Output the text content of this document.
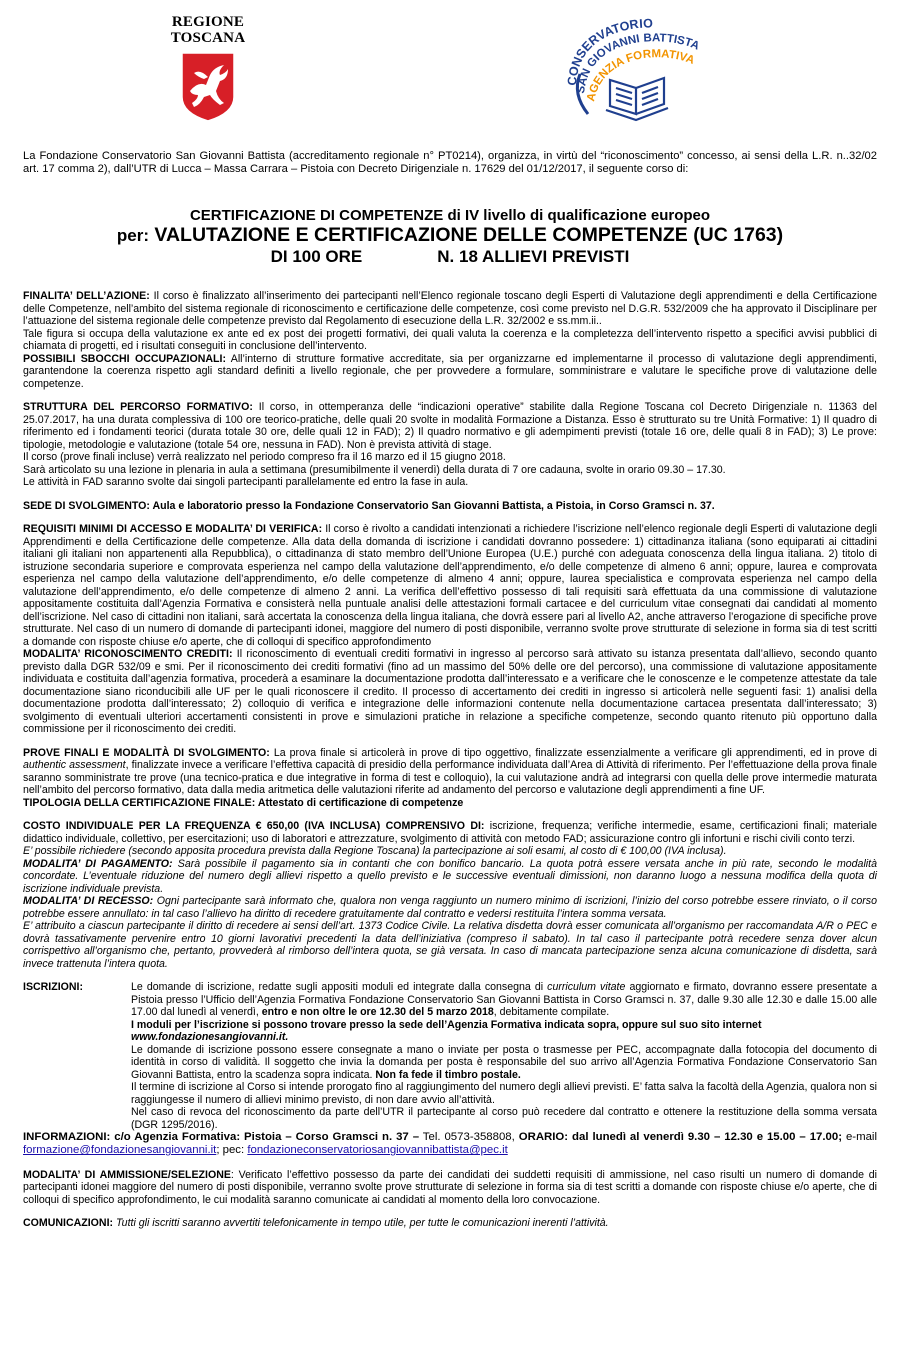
REGIONE
TOSCANA
CONSERVATORIO
SAN GIOVANNI BATTISTA
AGENZIA FORMATIVA
La Fondazione Conservatorio San Giovanni Battista (accreditamento regionale n° PT0214), organizza, in virtù del “riconoscimento” concesso, ai sensi della L.R. n..32/02 art. 17 comma 2), dall’UTR di Lucca – Massa Carrara – Pistoia con Decreto Dirigenziale n. 17629 del 01/12/2017, il seguente corso di:
CERTIFICAZIONE DI COMPETENZE di IV livello di qualificazione europeo
per: VALUTAZIONE E CERTIFICAZIONE DELLE COMPETENZE (UC 1763)
DI 100 ORE	N. 18 ALLIEVI PREVISTI

FINALITA’ DELL’AZIONE: Il corso è finalizzato all’inserimento dei partecipanti nell’Elenco regionale toscano degli Esperti di Valutazione degli apprendimenti e della Certificazione delle Competenze, nell’ambito del sistema regionale di riconoscimento e certificazione delle competenze, così come previsto nel D.G.R. 532/2009 che ha approvato il Disciplinare per l’attuazione del sistema regionale delle competenze previsto dal Regolamento di esecuzione della L.R. 32/2002 e ss.mm.ii..

Tale figura si occupa della valutazione ex ante ed ex post dei progetti formativi, dei quali valuta la coerenza e la completezza dell’intervento rispetto a specifici avvisi pubblici di chiamata di progetti, ed i risultati conseguiti in conclusione dell’intervento.

POSSIBILI SBOCCHI OCCUPAZIONALI: All’interno di strutture formative accreditate, sia per organizzarne ed implementarne il processo di valutazione degli apprendimenti, garantendone la coerenza rispetto agli standard definiti a livello regionale, che per provvedere a formulare, somministrare e valutare le specifiche prove di valutazione delle competenze.

STRUTTURA DEL PERCORSO FORMATIVO: Il corso, in ottemperanza delle “indicazioni operative” stabilite dalla Regione Toscana col Decreto Dirigenziale n. 11363 del 25.07.2017, ha una durata complessiva di 100 ore teorico-pratiche, delle quali 20 svolte in modalità Formazione a Distanza. Esso è strutturato su tre Unità Formative: 1) Il quadro di riferimento ed i fondamenti teorici (durata totale 30 ore, delle quali 12 in FAD); 2) Il quadro normativo e gli adempimenti previsti (totale 16 ore, delle quali 8 in FAD); 3) Le prove: tipologie, metodologie e valutazione (totale 54 ore, nessuna in FAD). Non è prevista attività di stage.

Il corso (prove finali incluse) verrà realizzato nel periodo compreso fra il 16 marzo ed il 15 giugno 2018.

Sarà articolato su una lezione in plenaria in aula a settimana (presumibilmente il venerdì) della durata di 7 ore cadauna, svolte in orario 09.30 – 17.30.

Le attività in FAD saranno svolte dai singoli partecipanti parallelamente ed entro la fase in aula.

SEDE DI SVOLGIMENTO: Aula e laboratorio presso la Fondazione Conservatorio San Giovanni Battista, a Pistoia, in Corso Gramsci n. 37.

REQUISITI MINIMI DI ACCESSO E MODALITA’ DI VERIFICA: Il corso è rivolto a candidati intenzionati a richiedere l’iscrizione nell’elenco regionale degli Esperti di valutazione degli Apprendimenti e della Certificazione delle competenze. Alla data della domanda di iscrizione i candidati dovranno possedere: 1) cittadinanza italiana (sono equiparati ai cittadini italiani gli italiani non appartenenti alla Repubblica), o cittadinanza di stato membro dell’Unione Europea (U.E.) purché con adeguata conoscenza della lingua italiana. 2) titolo di istruzione secondaria superiore e comprovata esperienza nel campo della valutazione dell’apprendimento, e/o delle competenze di almeno 6 anni; oppure, laurea e comprovata esperienza nel campo della valutazione dell’apprendimento, e/o delle competenze di almeno 4 anni; oppure, laurea specialistica e comprovata esperienza nel campo della valutazione dell’apprendimento, e/o delle competenze di almeno 2 anni. La verifica dell’effettivo possesso di tali requisiti sarà effettuata da una commissione di valutazione appositamente costituita dall’Agenzia Formativa e consisterà nella puntuale analisi delle attestazioni formali cartacee e del curriculum vitae consegnati dai candidati al momento dell’iscrizione. Nel caso di cittadini non italiani, sarà accertata la conoscenza della lingua italiana, che dovrà essere pari al livello A2, anche attraverso l’erogazione di specifiche prove strutturate. Nel caso di un numero di domande di partecipanti idonei, maggiore del numero di posti disponibile, verranno svolte prove strutturate di selezione in forma sia di test scritti a domande con risposte chiuse e/o aperte, che di colloqui di specifico approfondimento

MODALITA’ RICONOSCIMENTO CREDITI: Il riconoscimento di eventuali crediti formativi in ingresso al percorso sarà attivato su istanza presentata dall’allievo, secondo quanto previsto dalla DGR 532/09 e smi. Per il riconoscimento dei crediti formativi (fino ad un massimo del 50% delle ore del percorso), una commissione di valutazione appositamente individuata e costituita dall’agenzia formativa, procederà a esaminare la documentazione prodotta dall’interessato e a verificare che le conoscenze e le competenze attestate da tale documentazione siano riconducibili alle UF per le quali riconoscere il credito. Il processo di accertamento dei crediti in ingresso si articolerà nelle seguenti fasi: 1) analisi della documentazione prodotta dall’interessato; 2) colloquio di verifica e integrazione delle informazioni contenute nella documentazione cartacea presentata dall’interessato; 3) svolgimento di eventuali ulteriori accertamenti consistenti in prove e simulazioni pratiche in relazione a specifiche competenze, secondo quanto ritenuto più opportuno dalla commissione per il riconoscimento dei crediti.

PROVE FINALI E MODALITÀ DI SVOLGIMENTO: La prova finale si articolerà in prove di tipo oggettivo, finalizzate essenzialmente a verificare gli apprendimenti, ed in prove di authentic assessment, finalizzate invece a verificare l’effettiva capacità di presidio della performance individuata dall’Area di Attività di riferimento. Per l’effettuazione della prova finale saranno somministrate tre prove (una tecnico-pratica e due integrative in forma di test e colloquio), la cui valutazione andrà ad integrarsi con quella delle prove intermedie maturata nell’ambito del percorso formativo, data dalla media aritmetica delle valutazioni riferite ad andamento del percorso e valutazione degli apprendimenti a fine UF.

TIPOLOGIA DELLA CERTIFICAZIONE FINALE: Attestato di certificazione di competenze

COSTO INDIVIDUALE PER LA FREQUENZA € 650,00 (IVA INCLUSA) COMPRENSIVO DI: iscrizione, frequenza; verifiche intermedie, esame, certificazioni finali; materiale didattico individuale, collettivo, per esercitazioni; uso di laboratori e attrezzature, svolgimento di attività con metodo FAD; assicurazione contro gli infortuni e rischi civili conto terzi.

E’ possibile richiedere (secondo apposita procedura prevista dalla Regione Toscana) la partecipazione ai soli esami, al costo di € 100,00 (IVA inclusa).

MODALITA’ DI PAGAMENTO: Sarà possibile il pagamento sia in contanti che con bonifico bancario. La quota potrà essere versata anche in più rate, secondo le modalità concordate. L’eventuale riduzione del numero degli allievi rispetto a quello previsto e le successive eventuali dimissioni, non daranno luogo a nessuna modifica della quota di iscrizione individuale prevista.

MODALITA’ DI RECESSO: Ogni partecipante sarà informato che, qualora non venga raggiunto un numero minimo di iscrizioni, l’inizio del corso potrebbe essere rinviato, o il corso potrebbe essere annullato: in tal caso l’allievo ha diritto di recedere gratuitamente dal contratto e vedersi restituita l’intera somma versata.

E’ attribuito a ciascun partecipante il diritto di recedere ai sensi dell’art. 1373 Codice Civile. La relativa disdetta dovrà esser comunicata all’organismo per raccomandata A/R o PEC e dovrà tassativamente pervenire entro 10 giorni lavorativi precedenti la data dell’iniziativa (compreso il sabato). In tal caso il partecipante potrà recedere senza dover alcun corrispettivo all’organismo che, pertanto, provvederà al rimborso dell’intera quota, se già versata. In caso di mancata partecipazione senza alcuna comunicazione di disdetta, sarà invece trattenuta l’intera quota.

ISCRIZIONI:	Le domande di iscrizione, redatte sugli appositi moduli ed integrate dalla consegna di curriculum vitate aggiornato e firmato, dovranno essere presentate a Pistoia presso l’Ufficio dell’Agenzia Formativa Fondazione Conservatorio San Giovanni Battista in Corso Gramsci n. 37, dalle 9.30 alle 12.30 e dalle 15.00 alle 17.00 dal lunedì al venerdì, entro e non oltre le ore 12.30 del 5 marzo 2018, debitamente compilate.

I moduli per l’iscrizione si possono trovare presso la sede dell’Agenzia Formativa indicata sopra, oppure sul suo sito internet
www.fondazionesangiovanni.it.

Le domande di iscrizione possono essere consegnate a mano o inviate per posta o trasmesse per PEC, accompagnate dalla fotocopia del documento di identità in corso di validità. Il soggetto che invia la domanda per posta è responsabile del suo arrivo all’Agenzia Formativa Fondazione Conservatorio San Giovanni Battista, entro la scadenza sopra indicata. Non fa fede il timbro postale.

Il termine di iscrizione al Corso si intende prorogato fino al raggiungimento del numero degli allievi previsti. E’ fatta salva la facoltà della Agenzia, qualora non si raggiungesse il numero di allievi minimo previsto, di non dare avvio all’attività.

Nel caso di revoca del riconoscimento da parte dell’UTR il partecipante al corso può recedere dal contratto e ottenere la restituzione della somma versata (DGR 1295/2016).

INFORMAZIONI: c/o Agenzia Formativa: Pistoia – Corso Gramsci n. 37 – Tel. 0573-358808, ORARIO: dal lunedì al venerdì 9.30 – 12.30 e 15.00 – 17.00; e-mail formazione@fondazionesangiovanni.it; pec: fondazioneconservatoriosangiovannibattista@pec.it

MODALITA’ DI AMMISSIONE/SELEZIONE: Verificato l’effettivo possesso da parte dei candidati dei suddetti requisiti di ammissione, nel caso risulti un numero di domande di partecipanti idonei maggiore del numero di posti disponibile, verranno svolte prove strutturate di selezione in forma sia di test scritti a domande con risposte chiuse e/o aperte, che di colloqui di specifico approfondimento, le cui modalità saranno comunicate ai candidati al momento della loro convocazione.

COMUNICAZIONI: Tutti gli iscritti saranno avvertiti telefonicamente in tempo utile, per tutte le comunicazioni inerenti l’attività.
